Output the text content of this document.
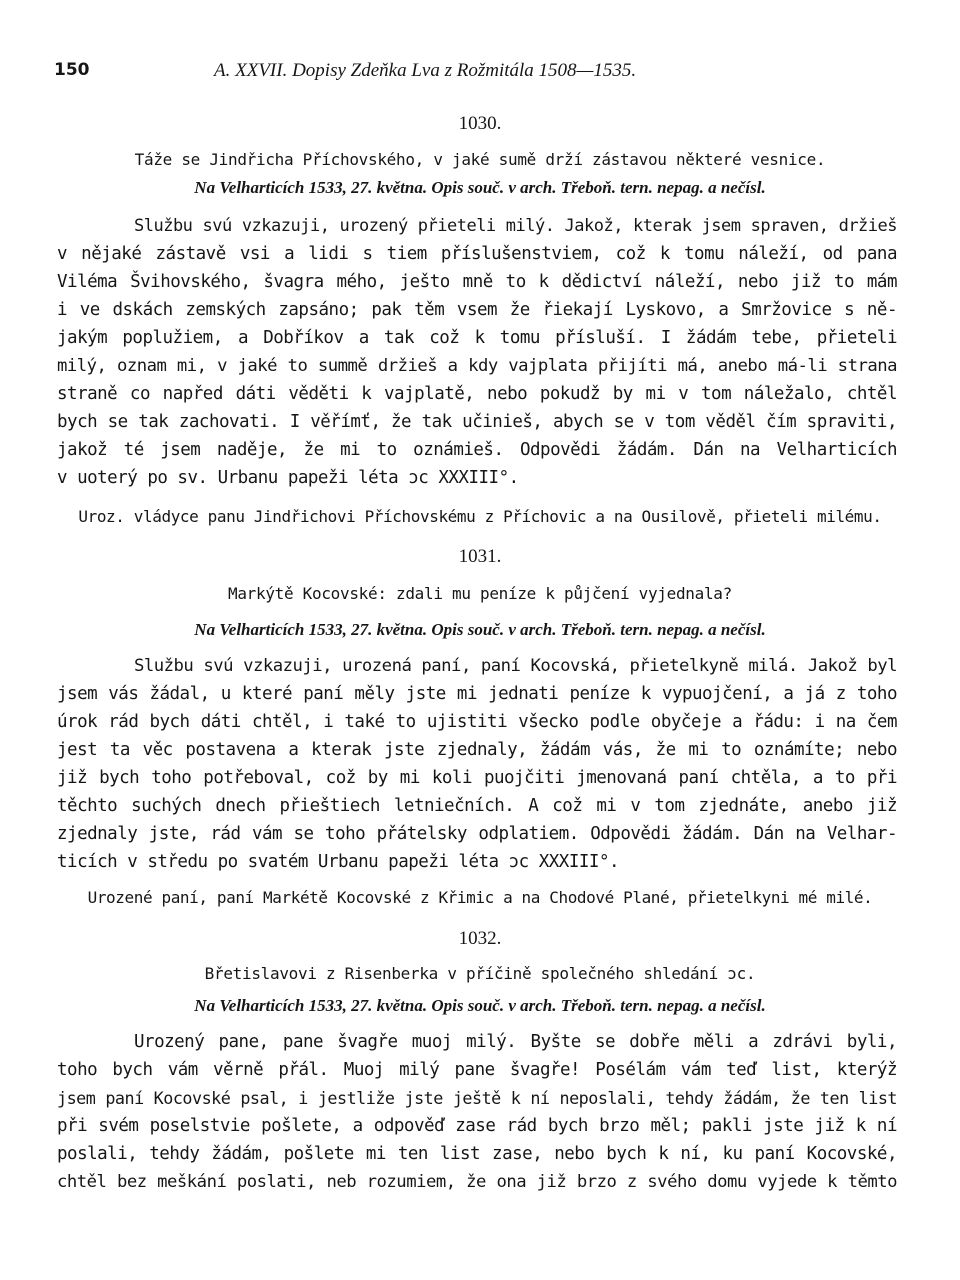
150	A. XXVII. Dopisy Zdeňka Lva z Rožmitála 1508—1535.
1030.
Táže se Jindřicha Příchovského, v jaké sumě drží zástavou některé vesnice.
Na Velharticích 1533, 27. května. Opis souč. v arch. Třeboň. tern. nepag. a nečísl.
Službu svú vzkazuji, urozený přieteli milý. Jakož, kterak jsem spraven, držieš
v nějaké zástavě vsi a lidi s tiem příslušenstviem, což k tomu náleží, od pana
Viléma Švihovského, švagra mého, ješto mně to k dědictví náleží, nebo již to mám
i ve dskách zemských zapsáno; pak těm vsem že řiekají Lyskovo, a Smržovice s ně-
jakým poplužiem, a Dobříkov a tak což k tomu přísluší. I žádám tebe, přieteli
milý, oznam mi, v jaké to summě držieš a kdy vajplata přijíti má, anebo má-li strana
straně co napřed dáti věděti k vajplatě, nebo pokudž by mi v tom náležalo, chtěl
bych se tak zachovati. I věřímť, že tak učinieš, abych se v tom věděl čím spraviti,
jakož té jsem naděje, že mi to oznámieš. Odpovědi žádám. Dán na Velharticích
v uoterý po sv. Urbanu papeži léta ɔc XXXIII°.
Uroz. vládyce panu Jindřichovi Příchovskému z Příchovic a na Ousilově, přieteli milému.
1031.
Markýtě Kocovské: zdali mu peníze k půjčení vyjednala?
Na Velharticích 1533, 27. května. Opis souč. v arch. Třeboň. tern. nepag. a nečísl.
Službu svú vzkazuji, urozená paní, paní Kocovská, přietelkyně milá. Jakož byl
jsem vás žádal, u které paní měly jste mi jednati peníze k vypuojčení, a já z toho
úrok rád bych dáti chtěl, i také to ujistiti všecko podle obyčeje a řádu: i na čem
jest ta věc postavena a kterak jste zjednaly, žádám vás, že mi to oznámíte; nebo
již bych toho potřeboval, což by mi koli puojčiti jmenovaná paní chtěla, a to při
těchto suchých dnech přieštiech letniečních. A což mi v tom zjednáte, anebo již
zjednaly jste, rád vám se toho přátelsky odplatiem. Odpovědi žádám. Dán na Velhar-
ticích v středu po svatém Urbanu papeži léta ɔc XXXIII°.
Urozené paní, paní Markétě Kocovské z Křimic a na Chodové Plané, přietelkyni mé milé.
1032.
Břetislavovi z Risenberka v příčině společného shledání ɔc.
Na Velharticích 1533, 27. května. Opis souč. v arch. Třeboň. tern. nepag. a nečísl.
Urozený pane, pane švagře muoj milý. Byšte se dobře měli a zdrávi byli,
toho bych vám věrně přál. Muoj milý pane švagře! Posélám vám teď list, kterýž
jsem paní Kocovské psal, i jestliže jste ještě k ní neposlali, tehdy žádám, že ten list
při svém poselstvie pošlete, a odpověď zase rád bych brzo měl; pakli jste již k ní
poslali, tehdy žádám, pošlete mi ten list zase, nebo bych k ní, ku paní Kocovské,
chtěl bez meškání poslati, neb rozumiem, že ona již brzo z svého domu vyjede k těmto
